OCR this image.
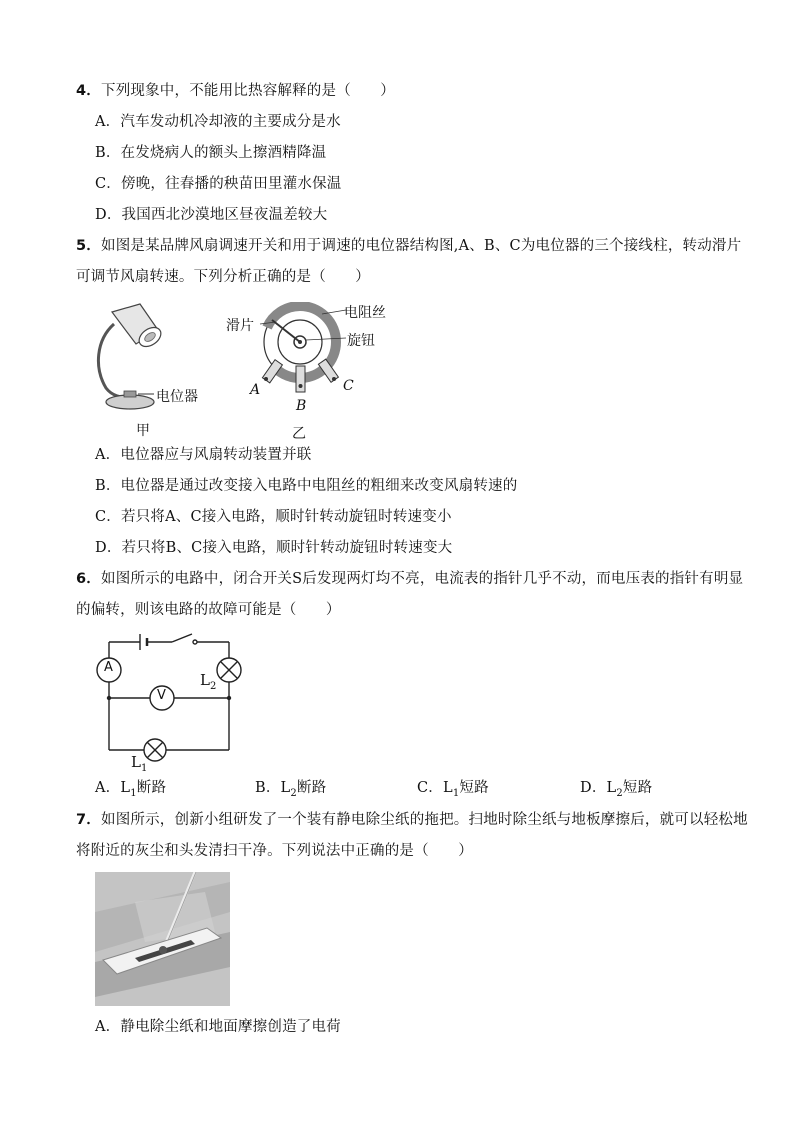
4．下列现象中，不能用比热容解释的是（　　）
A．汽车发动机冷却液的主要成分是水
B．在发烧病人的额头上擦酒精降温
C．傍晚，往春播的秧苗田里灌水保温
D．我国西北沙漠地区昼夜温差较大
5．如图是某品牌风扇调速开关和用于调速的电位器结构图,A、B、C为电位器的三个接线柱，转动滑片
可调节风扇转速。下列分析正确的是（　　）
电位器
甲
滑片
电阻丝
旋钮
A
B
C
乙
A．电位器应与风扇转动装置并联
B．电位器是通过改变接入电路中电阻丝的粗细来改变风扇转速的
C．若只将A、C接入电路，顺时针转动旋钮时转速变小
D．若只将B、C接入电路，顺时针转动旋钮时转速变大
6．如图所示的电路中，闭合开关S后发现两灯均不亮，电流表的指针几乎不动，而电压表的指针有明显
的偏转，则该电路的故障可能是（　　）
A
V
$L_2$
$L_1$
A．$L_1$断路	B．$L_2$断路	C．$L_1$短路	D．$L_2$短路
7．如图所示，创新小组研发了一个装有静电除尘纸的拖把。扫地时除尘纸与地板摩擦后，就可以轻松地
将附近的灰尘和头发清扫干净。下列说法中正确的是（　　）
A．静电除尘纸和地面摩擦创造了电荷
